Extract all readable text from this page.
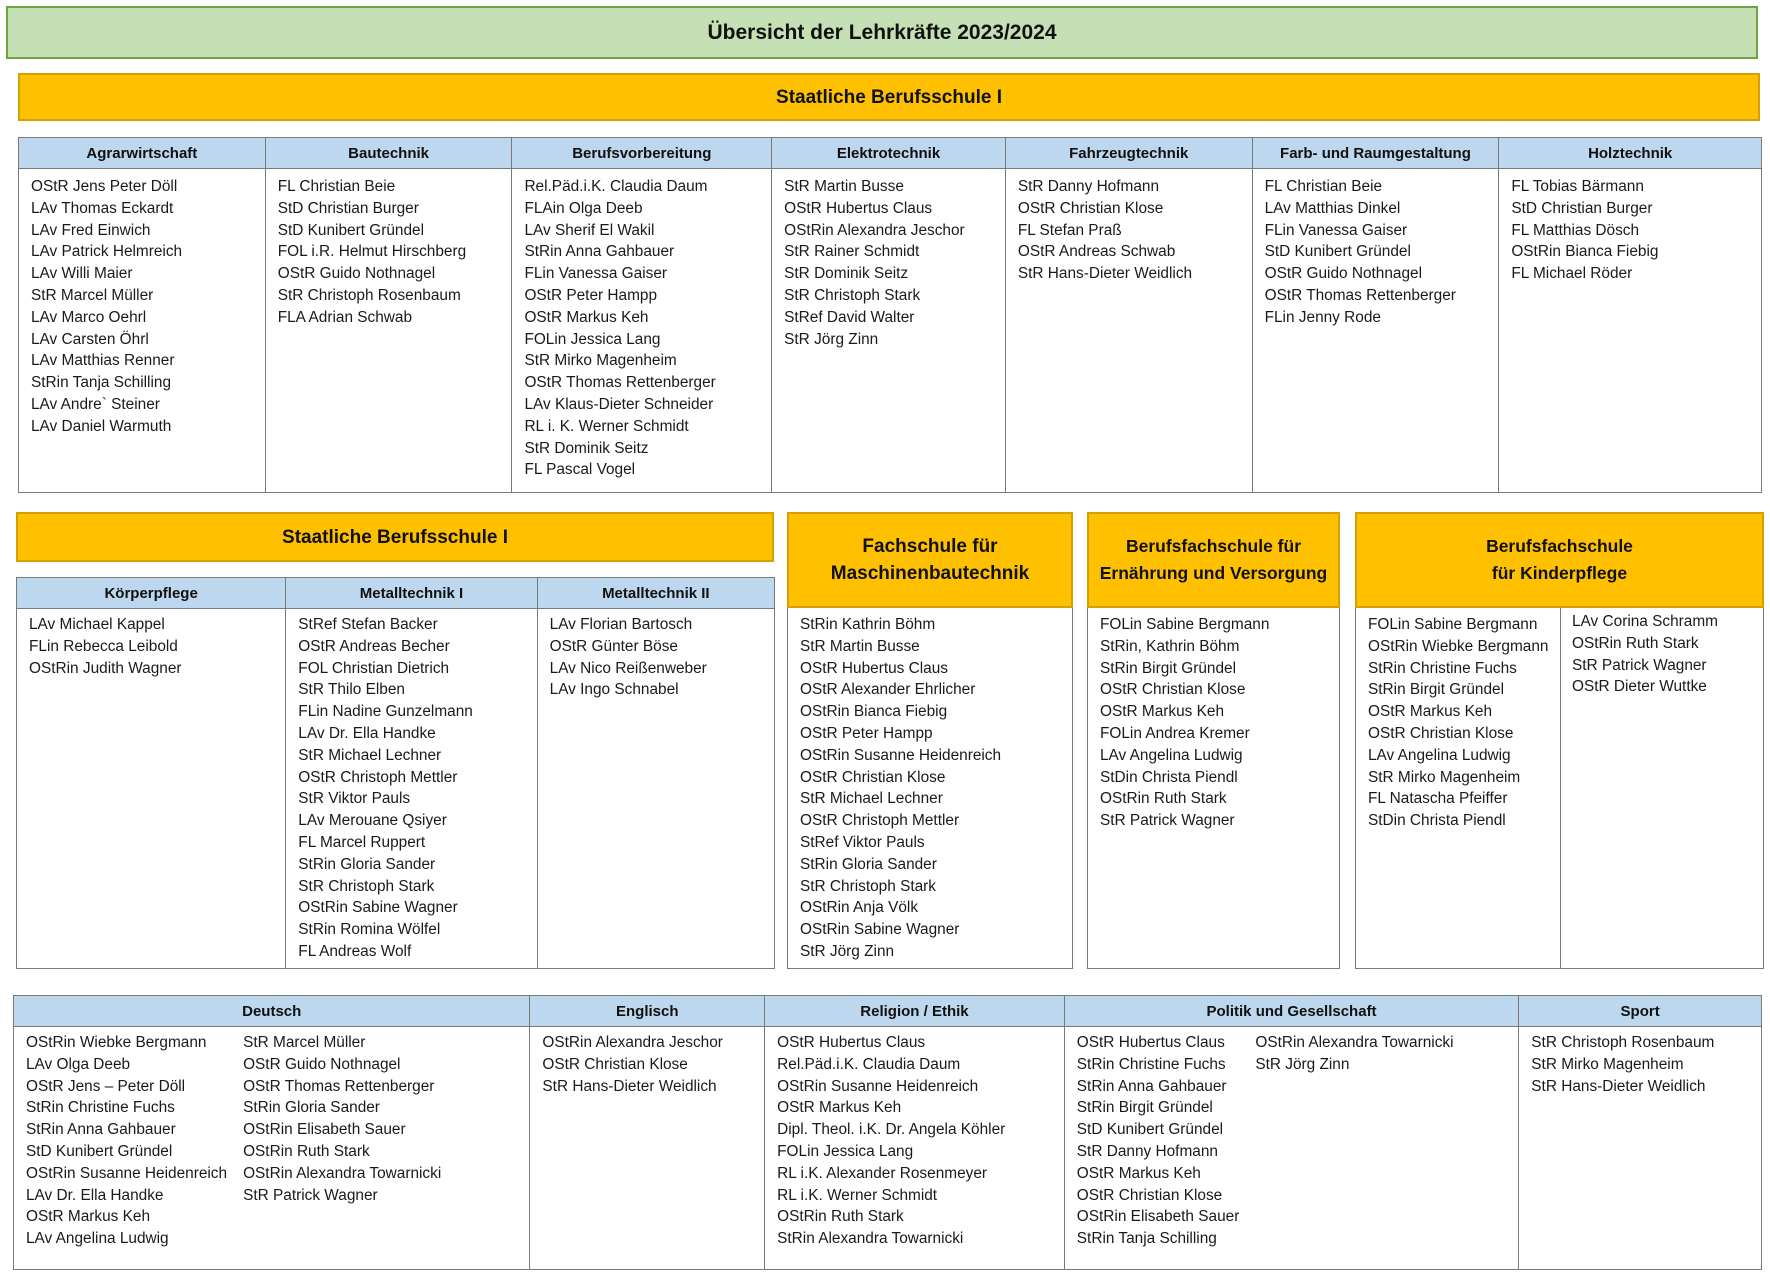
Übersicht der Lehrkräfte 2023/2024
Staatliche Berufsschule I
Agrarwirtschaft
OStR Jens Peter Döll
LAv Thomas Eckardt
LAv Fred Einwich
LAv Patrick Helmreich
LAv Willi Maier
StR Marcel Müller
LAv Marco Oehrl
LAv Carsten Öhrl
LAv Matthias Renner
StRin Tanja Schilling
LAv Andre` Steiner
LAv Daniel Warmuth
Bautechnik
FL Christian Beie
StD Christian Burger
StD Kunibert Gründel
FOL i.R. Helmut Hirschberg
OStR Guido Nothnagel
StR Christoph Rosenbaum
FLA Adrian Schwab
Berufsvorbereitung
Rel.Päd.i.K. Claudia Daum
FLAin Olga Deeb
LAv Sherif El Wakil
StRin Anna Gahbauer
FLin Vanessa Gaiser
OStR Peter Hampp
OStR Markus Keh
FOLin Jessica Lang
StR Mirko Magenheim
OStR Thomas Rettenberger
LAv Klaus-Dieter Schneider
RL i. K. Werner Schmidt
StR Dominik Seitz
FL Pascal Vogel
Elektrotechnik
StR Martin Busse
OStR Hubertus Claus
OStRin Alexandra Jeschor
StR Rainer Schmidt
StR Dominik Seitz
StR Christoph Stark
StRef David Walter
StR Jörg Zinn
Fahrzeugtechnik
StR Danny Hofmann
OStR Christian Klose
FL Stefan Praß
OStR Andreas Schwab
StR Hans-Dieter Weidlich
Farb- und Raumgestaltung
FL Christian Beie
LAv Matthias Dinkel
FLin Vanessa Gaiser
StD Kunibert Gründel
OStR Guido Nothnagel
OStR Thomas Rettenberger
FLin Jenny Rode
Holztechnik
FL Tobias Bärmann
StD Christian Burger
FL Matthias Dösch
OStRin Bianca Fiebig
FL Michael Röder
Staatliche Berufsschule I
Körperpflege
LAv Michael Kappel
FLin Rebecca Leibold
OStRin Judith Wagner
Metalltechnik I
StRef Stefan Backer
OStR Andreas Becher
FOL Christian Dietrich
StR Thilo Elben
FLin Nadine Gunzelmann
LAv Dr. Ella Handke
StR Michael Lechner
OStR Christoph Mettler
StR Viktor Pauls
LAv Merouane Qsiyer
FL Marcel Ruppert
StRin Gloria Sander
StR Christoph Stark
OStRin Sabine Wagner
StRin Romina Wölfel
FL Andreas Wolf
Metalltechnik II
LAv Florian Bartosch
OStR Günter Böse
LAv Nico Reißenweber
LAv Ingo Schnabel
Fachschule für
Maschinenbautechnik
StRin Kathrin Böhm
StR Martin Busse
OStR Hubertus Claus
OStR Alexander Ehrlicher
OStRin Bianca Fiebig
OStR Peter Hampp
OStRin Susanne Heidenreich
OStR Christian Klose
StR Michael Lechner
OStR Christoph Mettler
StRef Viktor Pauls
StRin Gloria Sander
StR Christoph Stark
OStRin Anja Völk
OStRin Sabine Wagner
StR Jörg Zinn
Berufsfachschule für
Ernährung und Versorgung
FOLin Sabine Bergmann
StRin, Kathrin Böhm
StRin Birgit Gründel
OStR Christian Klose
OStR Markus Keh
FOLin Andrea Kremer
LAv Angelina Ludwig
StDin Christa Piendl
OStRin Ruth Stark
StR Patrick Wagner
Berufsfachschule
für Kinderpflege
FOLin Sabine Bergmann
OStRin Wiebke Bergmann
StRin Christine Fuchs
StRin Birgit Gründel
OStR Markus Keh
OStR Christian Klose
LAv Angelina Ludwig
StR Mirko Magenheim
FL Natascha Pfeiffer
StDin Christa Piendl
LAv Corina Schramm
OStRin Ruth Stark
StR Patrick Wagner
OStR Dieter Wuttke
Deutsch
OStRin Wiebke Bergmann
LAv Olga Deeb
OStR Jens – Peter Döll
StRin Christine Fuchs
StRin Anna Gahbauer
StD Kunibert Gründel
OStRin Susanne Heidenreich
LAv Dr. Ella Handke
OStR Markus Keh
LAv Angelina Ludwig
StR Marcel Müller
OStR Guido Nothnagel
OStR Thomas Rettenberger
StRin Gloria Sander
OStRin Elisabeth Sauer
OStRin Ruth Stark
OStRin Alexandra Towarnicki
StR Patrick Wagner
Englisch
OStRin Alexandra Jeschor
OStR Christian Klose
StR Hans-Dieter Weidlich
Religion / Ethik
OStR Hubertus Claus
Rel.Päd.i.K. Claudia Daum
OStRin Susanne Heidenreich
OStR Markus Keh
Dipl. Theol. i.K. Dr. Angela Köhler
FOLin Jessica Lang
RL i.K. Alexander Rosenmeyer
RL i.K. Werner Schmidt
OStRin Ruth Stark
StRin Alexandra Towarnicki
Politik und Gesellschaft
OStR Hubertus Claus
StRin Christine Fuchs
StRin Anna Gahbauer
StRin Birgit Gründel
StD Kunibert Gründel
StR Danny Hofmann
OStR Markus Keh
OStR Christian Klose
OStRin Elisabeth Sauer
StRin Tanja Schilling
OStRin Alexandra Towarnicki
StR Jörg Zinn
Sport
StR Christoph Rosenbaum
StR Mirko Magenheim
StR Hans-Dieter Weidlich
